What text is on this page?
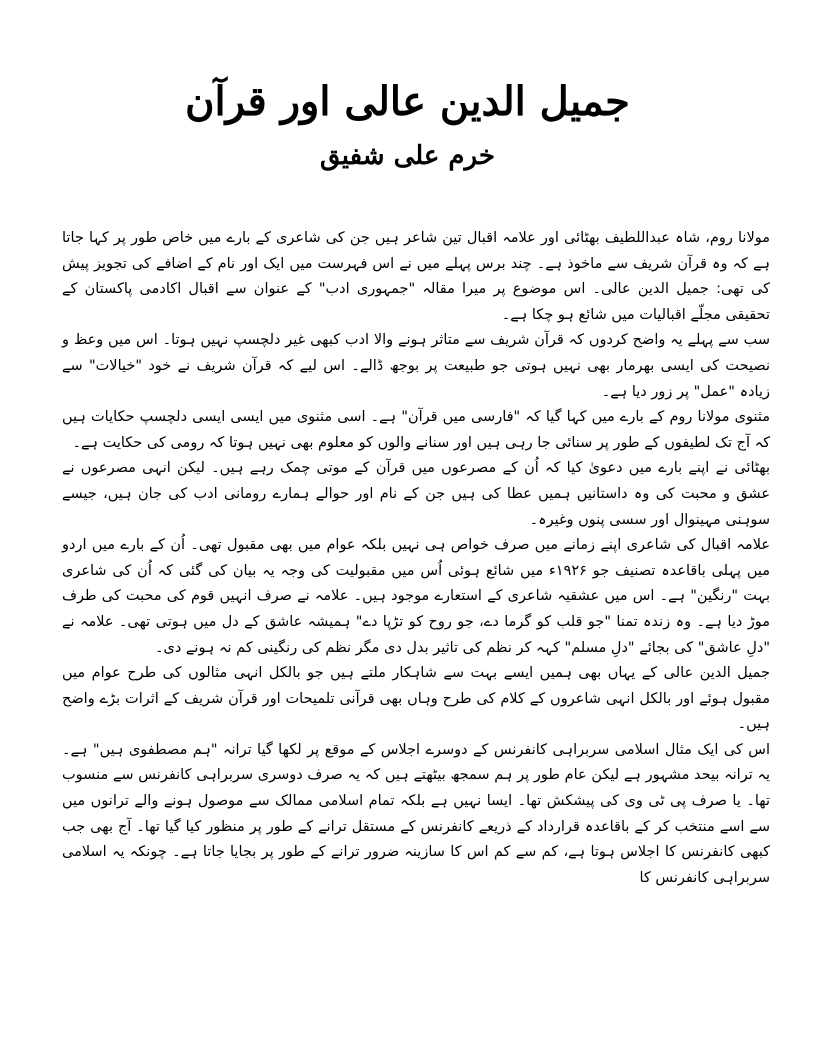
جمیل الدین عالی اور قرآن
خرم علی شفیق

مولانا روم، شاہ عبداللطیف بھٹائی اور علامہ اقبال تین شاعر ہیں جن کی شاعری کے بارے میں خاص طور پر کہا جاتا ہے کہ وہ قرآن شریف سے ماخوذ ہے۔ چند برس پہلے میں نے اس فہرست میں ایک اور نام کے اضافے کی تجویز پیش کی تھی: جمیل الدین عالی۔ اس موضوع پر میرا مقالہ "جمہوری ادب" کے عنوان سے اقبال اکادمی پاکستان کے تحقیقی مجلّے اقبالیات میں شائع ہو چکا ہے۔

سب سے پہلے یہ واضح کردوں کہ قرآن شریف سے متاثر ہونے والا ادب کبھی غیر دلچسپ نہیں ہوتا۔ اس میں وعظ و نصیحت کی ایسی بھرمار بھی نہیں ہوتی جو طبیعت پر بوجھ ڈالے۔ اس لیے کہ قرآن شریف نے خود "خیالات" سے زیادہ "عمل" پر زور دیا ہے۔

مثنوی مولانا روم کے بارے میں کہا گیا کہ "فارسی میں قرآن" ہے۔ اسی مثنوی میں ایسی ایسی دلچسپ حکایات ہیں کہ آج تک لطیفوں کے طور پر سنائی جا رہی ہیں اور سنانے والوں کو معلوم بھی نہیں ہوتا کہ رومی کی حکایت ہے۔

بھٹائی نے اپنے بارے میں دعویٰ کیا کہ اُن کے مصرعوں میں قرآن کے موتی چمک رہے ہیں۔ لیکن انہی مصرعوں نے عشق و محبت کی وہ داستانیں ہمیں عطا کی ہیں جن کے نام اور حوالے ہمارے رومانی ادب کی جان ہیں، جیسے سوہنی مہینوال اور سسی پنوں وغیرہ۔

علامہ اقبال کی شاعری اپنے زمانے میں صرف خواص ہی نہیں بلکہ عوام میں بھی مقبول تھی۔ اُن کے بارے میں اردو میں پہلی باقاعدہ تصنیف جو ۱۹۲۶ء میں شائع ہوئی اُس میں مقبولیت کی وجہ یہ بیان کی گئی کہ اُن کی شاعری بہت "رنگین" ہے۔ اس میں عشقیہ شاعری کے استعارے موجود ہیں۔ علامہ نے صرف انہیں قوم کی محبت کی طرف موڑ دیا ہے۔ وہ زندہ تمنا "جو قلب کو گرما دے، جو روح کو تڑپا دے" ہمیشہ عاشق کے دل میں ہوتی تھی۔ علامہ نے "دلِ عاشق" کی بجائے "دلِ مسلم" کہہ کر نظم کی تاثیر بدل دی مگر نظم کی رنگینی کم نہ ہونے دی۔

جمیل الدین عالی کے یہاں بھی ہمیں ایسے بہت سے شاہکار ملتے ہیں جو بالکل انہی مثالوں کی طرح عوام میں مقبول ہوئے اور بالکل انہی شاعروں کے کلام کی طرح وہاں بھی قرآنی تلمیحات اور قرآن شریف کے اثرات بڑے واضح ہیں۔

اس کی ایک مثال اسلامی سربراہی کانفرنس کے دوسرے اجلاس کے موقع پر لکھا گیا ترانہ "ہم مصطفوی ہیں" ہے۔ یہ ترانہ بیحد مشہور ہے لیکن عام طور پر ہم سمجھ بیٹھتے ہیں کہ یہ صرف دوسری سربراہی کانفرنس سے منسوب تھا۔ یا صرف پی ٹی وی کی پیشکش تھا۔ ایسا نہیں ہے بلکہ تمام اسلامی ممالک سے موصول ہونے والے ترانوں میں سے اسے منتخب کر کے باقاعدہ قرارداد کے ذریعے کانفرنس کے مستقل ترانے کے طور پر منظور کیا گیا تھا۔ آج بھی جب کبھی کانفرنس کا اجلاس ہوتا ہے، کم سے کم اس کا سازینہ ضرور ترانے کے طور پر بجایا جاتا ہے۔ چونکہ یہ اسلامی سربراہی کانفرنس کا
